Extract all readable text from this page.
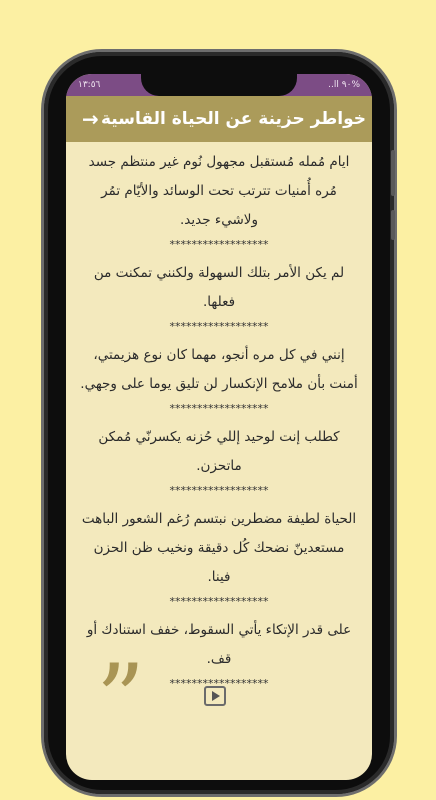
١٣:٥٦	..ll ٩٠%
→ خواطر حزينة عن الحياة القاسية

ايام مُمله مُستقبل مجهول نُوم غير منتظم جسد مُره أُمنيات تترتب تحت الوسائد والأيّام تمُر ولاشيء جديد.

******************

لم يكن الأمر بتلك السهولة ولكنني تمكنت من فعلها.

******************

إنني في كل مره أنجو، مهما كان نوع هزيمتي، أمنت بأن ملامح الإنكسار لن تليق يوما على وجهي.

******************

كطلب إنت لوحيد إللي حُزنه يكسرنّي مُمكن ماتحزن.

******************

الحياة لطيفة مضطرين نبتسم رُغم الشعور الباهت مستعدينّ نضحك كُل دقيقة ونخيب ظن الحزن فينا.

******************

على قدر الإتكاء يأتي السقوط، خفف استنادك أو قف.

******************

”
